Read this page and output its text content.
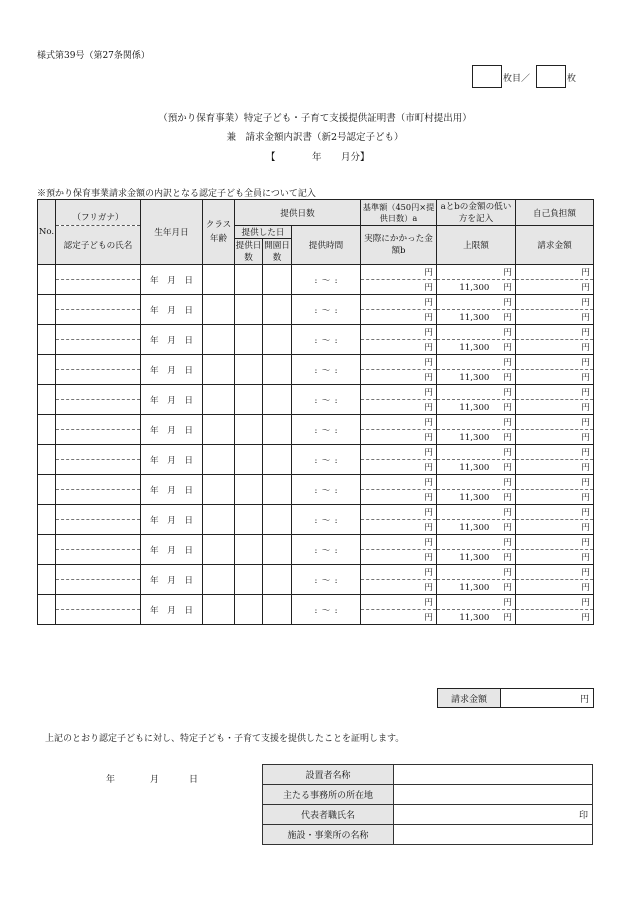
様式第39号（第27条関係）
枚目／	枚
（預かり保育事業）特定子ども・子育て支援提供証明書（市町村提出用）
兼　請求金額内訳書（新2号認定子ども）
【	年 月分】
※預かり保育事業請求金額の内訳となる認定子ども全員について記入
No.	（フリガナ）	生年月日	クラス年齢	提供日数			基準額（450円×提供日数）a	aとbの金額の低い方を記入	自己負担額
	認定子どもの氏名			提供した日		提供時間	実際にかかった金額b	上限額	請求金額
				提供日数	開園日数				
		年   月   日				:  〜  :	円	円	円
							円	11,300 円	円
		年   月   日				:  〜  :	円	円	円
							円	11,300 円	円
		年   月   日				:  〜  :	円	円	円
							円	11,300 円	円
		年   月   日				:  〜  :	円	円	円
							円	11,300 円	円
		年   月   日				:  〜  :	円	円	円
							円	11,300 円	円
		年   月   日				:  〜  :	円	円	円
							円	11,300 円	円
		年   月   日				:  〜  :	円	円	円
							円	11,300 円	円
		年   月   日				:  〜  :	円	円	円
							円	11,300 円	円
		年   月   日				:  〜  :	円	円	円
							円	11,300 円	円
		年   月   日				:  〜  :	円	円	円
							円	11,300 円	円
		年   月   日				:  〜  :	円	円	円
							円	11,300 円	円
		年   月   日				:  〜  :	円	円	円
							円	11,300 円	円
請求金額	円
上記のとおり認定子どもに対し、特定子ども・子育て支援を提供したことを証明します。
年	月	日	設置者名称	
主たる事務所の所在地	
代表者職氏名	印
施設・事業所の名称	
